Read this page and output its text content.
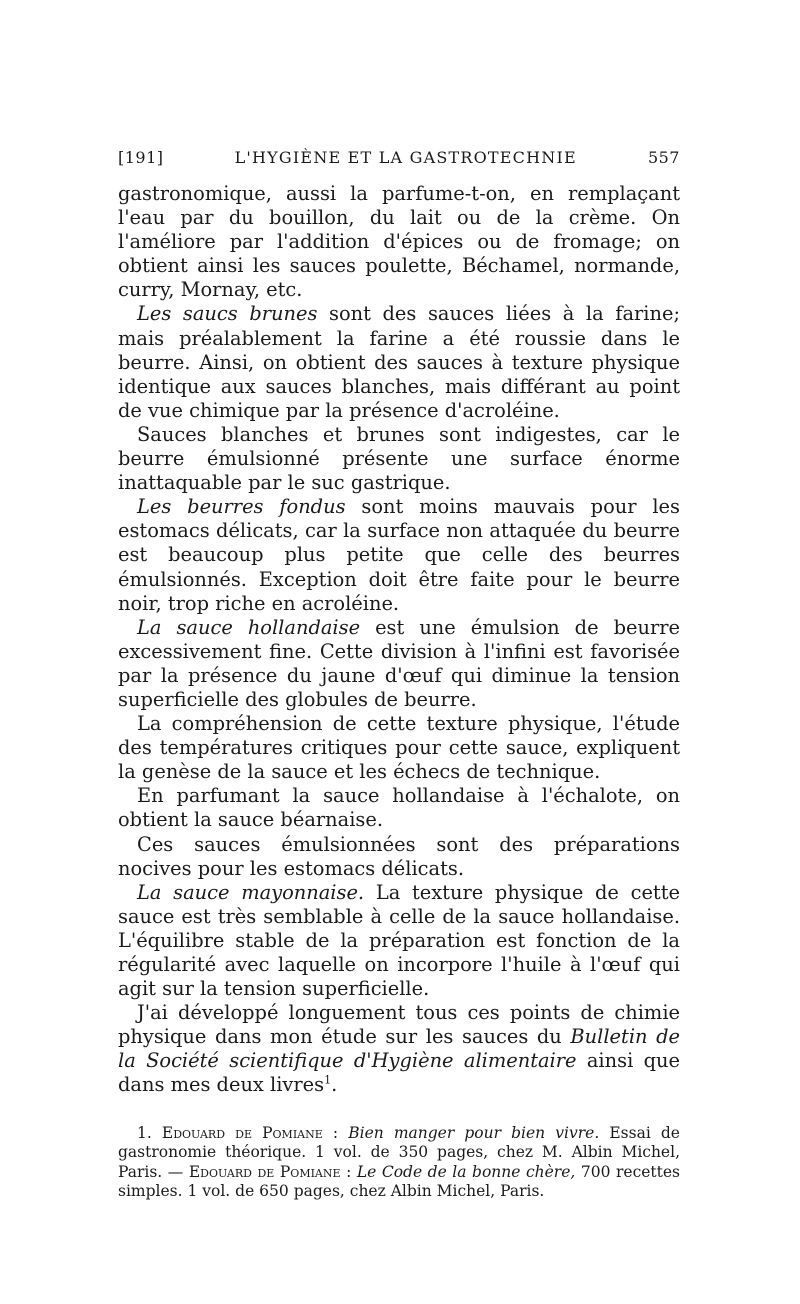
[191]	L'HYGIÈNE ET LA GASTROTECHNIE	557

gastronomique, aussi la parfume-t-on, en remplaçant l'eau par du bouillon, du lait ou de la crème. On l'améliore par l'addition d'épices ou de fromage; on obtient ainsi les sauces poulette, Béchamel, normande, curry, Mornay, etc.

Les saucs brunes sont des sauces liées à la farine; mais préalablement la farine a été roussie dans le beurre. Ainsi, on obtient des sauces à texture physique identique aux sauces blanches, mais différant au point de vue chimique par la présence d'acroléine.

Sauces blanches et brunes sont indigestes, car le beurre émulsionné présente une surface énorme inattaquable par le suc gastrique.

Les beurres fondus sont moins mauvais pour les estomacs délicats, car la surface non attaquée du beurre est beaucoup plus petite que celle des beurres émulsionnés. Exception doit être faite pour le beurre noir, trop riche en acroléine.

La sauce hollandaise est une émulsion de beurre excessivement fine. Cette division à l'infini est favorisée par la présence du jaune d'œuf qui diminue la tension superficielle des globules de beurre.

La compréhension de cette texture physique, l'étude des températures critiques pour cette sauce, expliquent la genèse de la sauce et les échecs de technique.

En parfumant la sauce hollandaise à l'échalote, on obtient la sauce béarnaise.

Ces sauces émulsionnées sont des préparations nocives pour les estomacs délicats.

La sauce mayonnaise. La texture physique de cette sauce est très semblable à celle de la sauce hollandaise. L'équilibre stable de la préparation est fonction de la régularité avec laquelle on incorpore l'huile à l'œuf qui agit sur la tension superficielle.

J'ai développé longuement tous ces points de chimie physique dans mon étude sur les sauces du Bulletin de la Société scientifique d'Hygiène alimentaire ainsi que dans mes deux livres$^1$.

1. Edouard de Pomiane : Bien manger pour bien vivre. Essai de gastronomie théorique. 1 vol. de 350 pages, chez M. Albin Michel, Paris. — Edouard de Pomiane : Le Code de la bonne chère, 700 recettes simples. 1 vol. de 650 pages, chez Albin Michel, Paris.
